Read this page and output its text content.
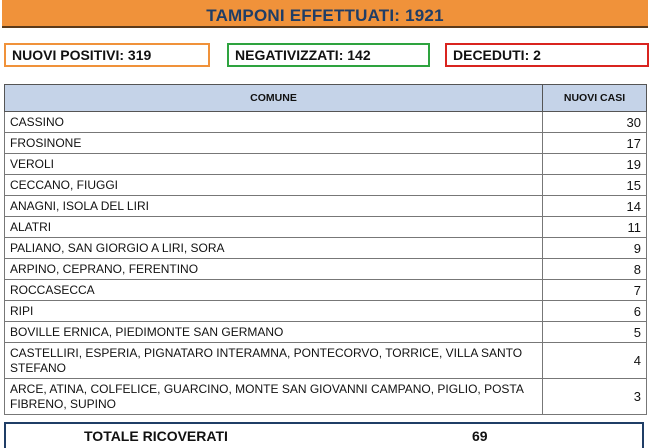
TAMPONI EFFETTUATI: 1921
NUOVI POSITIVI : 319	NEGATIVIZZATI : 142	DECEDUTI : 2
COMUNE	NUOVI CASI
CASSINO	30
FROSINONE	17
VEROLI	19
CECCANO, FIUGGI	15
ANAGNI, ISOLA DEL LIRI	14
ALATRI	11
PALIANO, SAN GIORGIO A LIRI, SORA	9
ARPINO, CEPRANO, FERENTINO	8
ROCCASECCA	7
RIPI	6
BOVILLE ERNICA, PIEDIMONTE SAN GERMANO	5
CASTELLIRI, ESPERIA, PIGNATARO INTERAMNA, PONTECORVO, TORRICE, VILLA SANTO STEFANO	4
ARCE, ATINA, COLFELICE, GUARCINO, MONTE SAN GIOVANNI CAMPANO, PIGLIO, POSTA FIBRENO, SUPINO	3
TOTALE RICOVERATI	69
